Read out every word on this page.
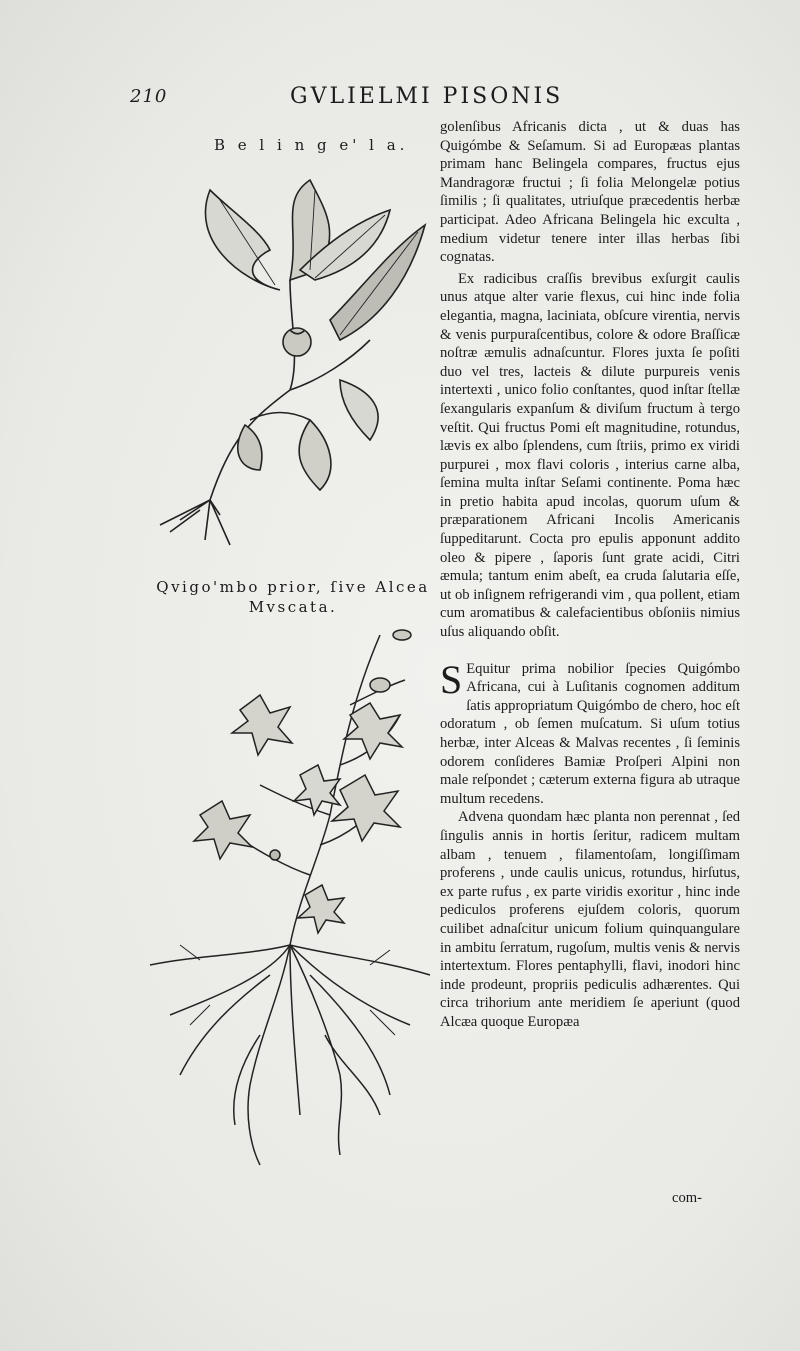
210	GVLIELMI PISONIS
B e l i n g e' l a.
Qvigo'mbo prior, ſive Alcea
Mvscata.

golenſibus Africanis dicta , ut & duas has Quigómbe & Seſamum. Si ad Europæas plantas primam hanc Belingela compares, fructus ejus Mandragoræ fructui ; ſi folia Melongelæ potius ſimilis ; ſi qualitates, utriuſque præcedentis herbæ participat. Adeo Africana Belingela hic exculta , medium videtur tenere inter illas herbas ſibi cognatas.

Ex radicibus craſſis brevibus exſurgit caulis unus atque alter varie flexus, cui hinc inde folia elegantia, magna, laciniata, obſcure virentia, nervis & venis purpuraſcentibus, colore & odore Braſſicæ noſtræ æmulis adnaſcuntur. Flores juxta ſe poſiti duo vel tres, lacteis & dilute purpureis venis intertexti , unico folio conſtantes, quod inſtar ſtellæ ſexangularis expanſum & diviſum fructum à tergo veſtit. Qui fructus Pomi eſt magnitudine, rotundus, lævis ex albo ſplendens, cum ſtriis, primo ex viridi purpurei , mox flavi coloris , interius carne alba, ſemina multa inſtar Seſami continente. Poma hæc in pretio habita apud incolas, quorum uſum & præparationem Africani Incolis Americanis ſuppeditarunt. Cocta pro epulis apponunt addito oleo & pipere , ſaporis ſunt grate acidi, Citri æmula; tantum enim abeſt, ea cruda ſalutaria eſſe, ut ob inſignem refrigerandi vim , qua pollent, etiam cum aromatibus & calefacientibus obſoniis nimius uſus aliquando obſit.

S Equitur prima nobilior ſpecies Quigómbo Africana, cui à Luſitanis cognomen additum ſatis appropriatum Quigómbo de chero, hoc eſt odoratum , ob ſemen muſcatum. Si uſum totius herbæ, inter Alceas & Malvas recentes , ſi ſeminis odorem conſideres Bamiæ Proſperi Alpini non male reſpondet ; cæterum externa figura ab utraque multum recedens.

Advena quondam hæc planta non perennat , ſed ſingulis annis in hortis ſeritur, radicem multam albam , tenuem , filamentoſam, longiſſimam proferens , unde caulis unicus, rotundus, hirſutus, ex parte rufus , ex parte viridis exoritur , hinc inde pediculos proferens ejuſdem coloris, quorum cuilibet adnaſcitur unicum folium quinquangulare in ambitu ſerratum, rugoſum, multis venis & nervis intertextum. Flores pentaphylli, flavi, inodori hinc inde prodeunt, propriis pediculis adhærentes. Qui circa trihorium ante meridiem ſe aperiunt (quod Alcæa quoque Europæa

com-
